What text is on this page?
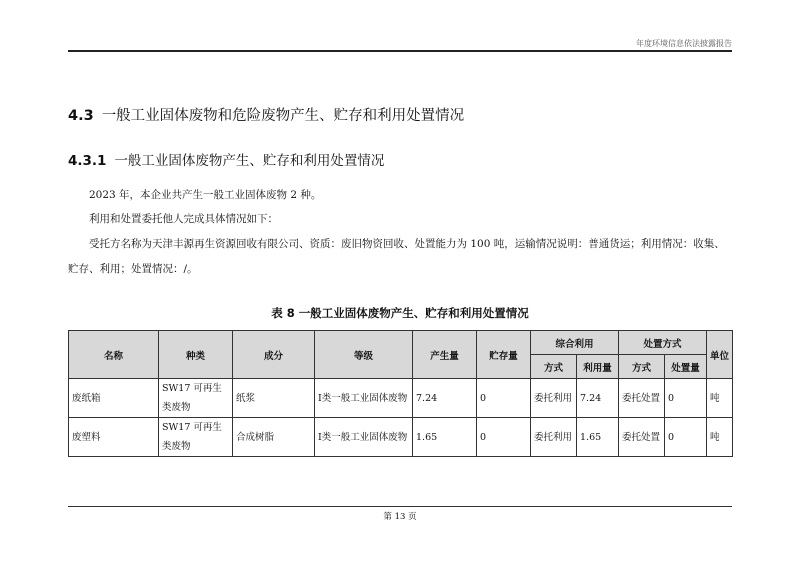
年度环境信息依法披露报告
4.3 一般工业固体废物和危险废物产生、贮存和利用处置情况
4.3.1 一般工业固体废物产生、贮存和利用处置情况
2023 年，本企业共产生一般工业固体废物 2 种。
利用和处置委托他人完成具体情况如下：
受托方名称为天津丰源再生资源回收有限公司、资质：废旧物资回收、处置能力为 100 吨，运输情况说明：普通货运；利用情况：收集、贮存、利用；处置情况：/。
表 8 一般工业固体废物产生、贮存和利用处置情况
名称	种类	成分	等级	产生量	贮存量	综合利用		处置方式		单位
						方式	利用量	方式	处置量	
废纸箱	SW17 可再生类废物	纸浆	Ⅰ类一般工业固体废物	7.24	0	委托利用	7.24	委托处置	0	吨
废塑料	SW17 可再生类废物	合成树脂	Ⅰ类一般工业固体废物	1.65	0	委托利用	1.65	委托处置	0	吨
第 13 页
